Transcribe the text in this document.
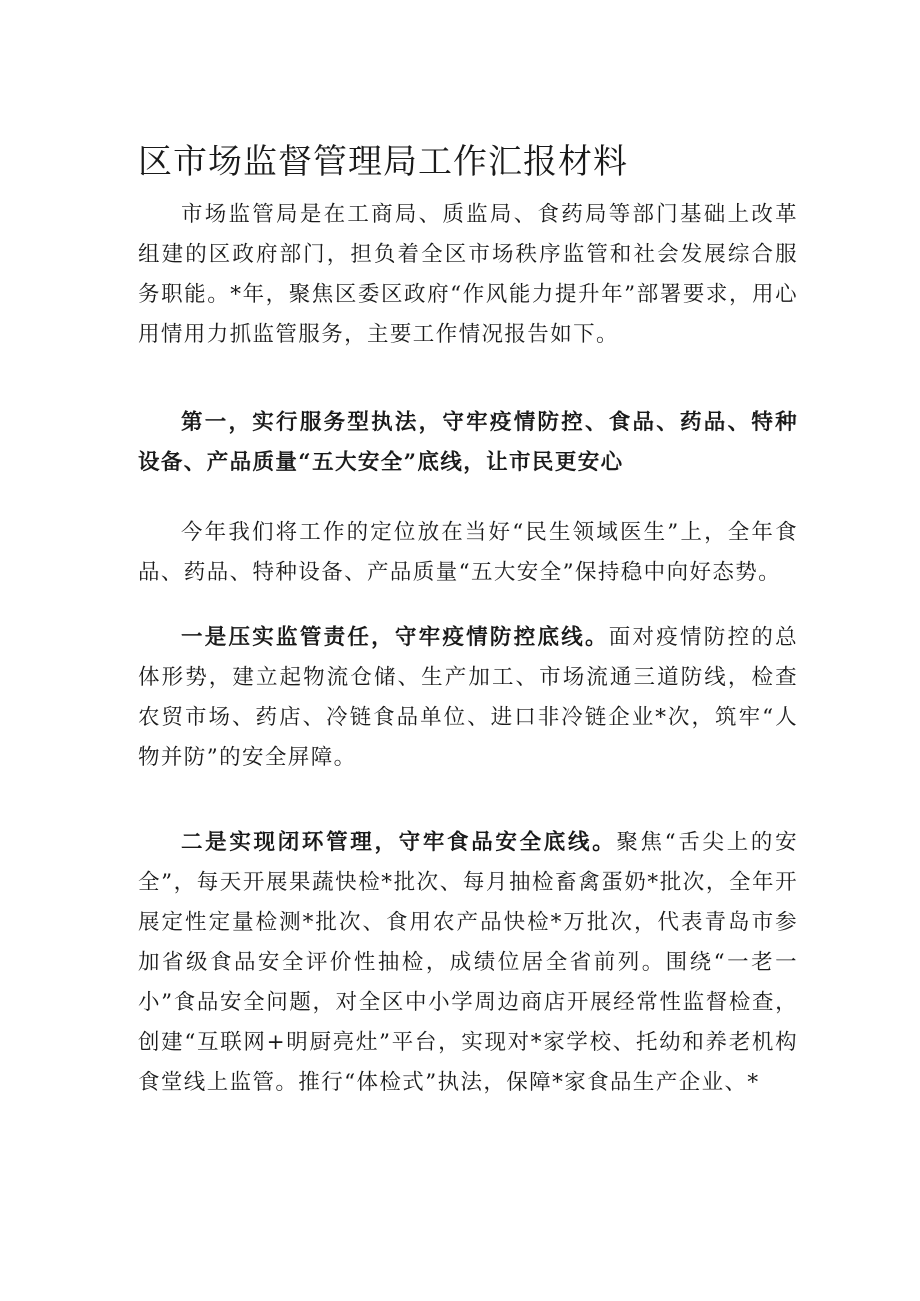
区市场监督管理局工作汇报材料

市场监管局是在工商局、质监局、食药局等部门基础上改革组建的区政府部门，担负着全区市场秩序监管和社会发展综合服务职能。*年，聚焦区委区政府“作风能力提升年”部署要求，用心用情用力抓监管服务，主要工作情况报告如下。

第一，实行服务型执法，守牢疫情防控、食品、药品、特种设备、产品质量“五大安全”底线，让市民更安心

今年我们将工作的定位放在当好“民生领域医生”上，全年食品、药品、特种设备、产品质量“五大安全”保持稳中向好态势。

一是压实监管责任，守牢疫情防控底线。面对疫情防控的总体形势，建立起物流仓储、生产加工、市场流通三道防线，检查农贸市场、药店、冷链食品单位、进口非冷链企业*次，筑牢“人物并防”的安全屏障。

二是实现闭环管理，守牢食品安全底线。聚焦“舌尖上的安全”，每天开展果蔬快检*批次、每月抽检畜禽蛋奶*批次，全年开展定性定量检测*批次、食用农产品快检*万批次，代表青岛市参加省级食品安全评价性抽检，成绩位居全省前列。围绕“一老一小”食品安全问题，对全区中小学周边商店开展经常性监督检查，创建“互联网+明厨亮灶”平台，实现对*家学校、托幼和养老机构食堂线上监管。推行“体检式”执法，保障*家食品生产企业、*
